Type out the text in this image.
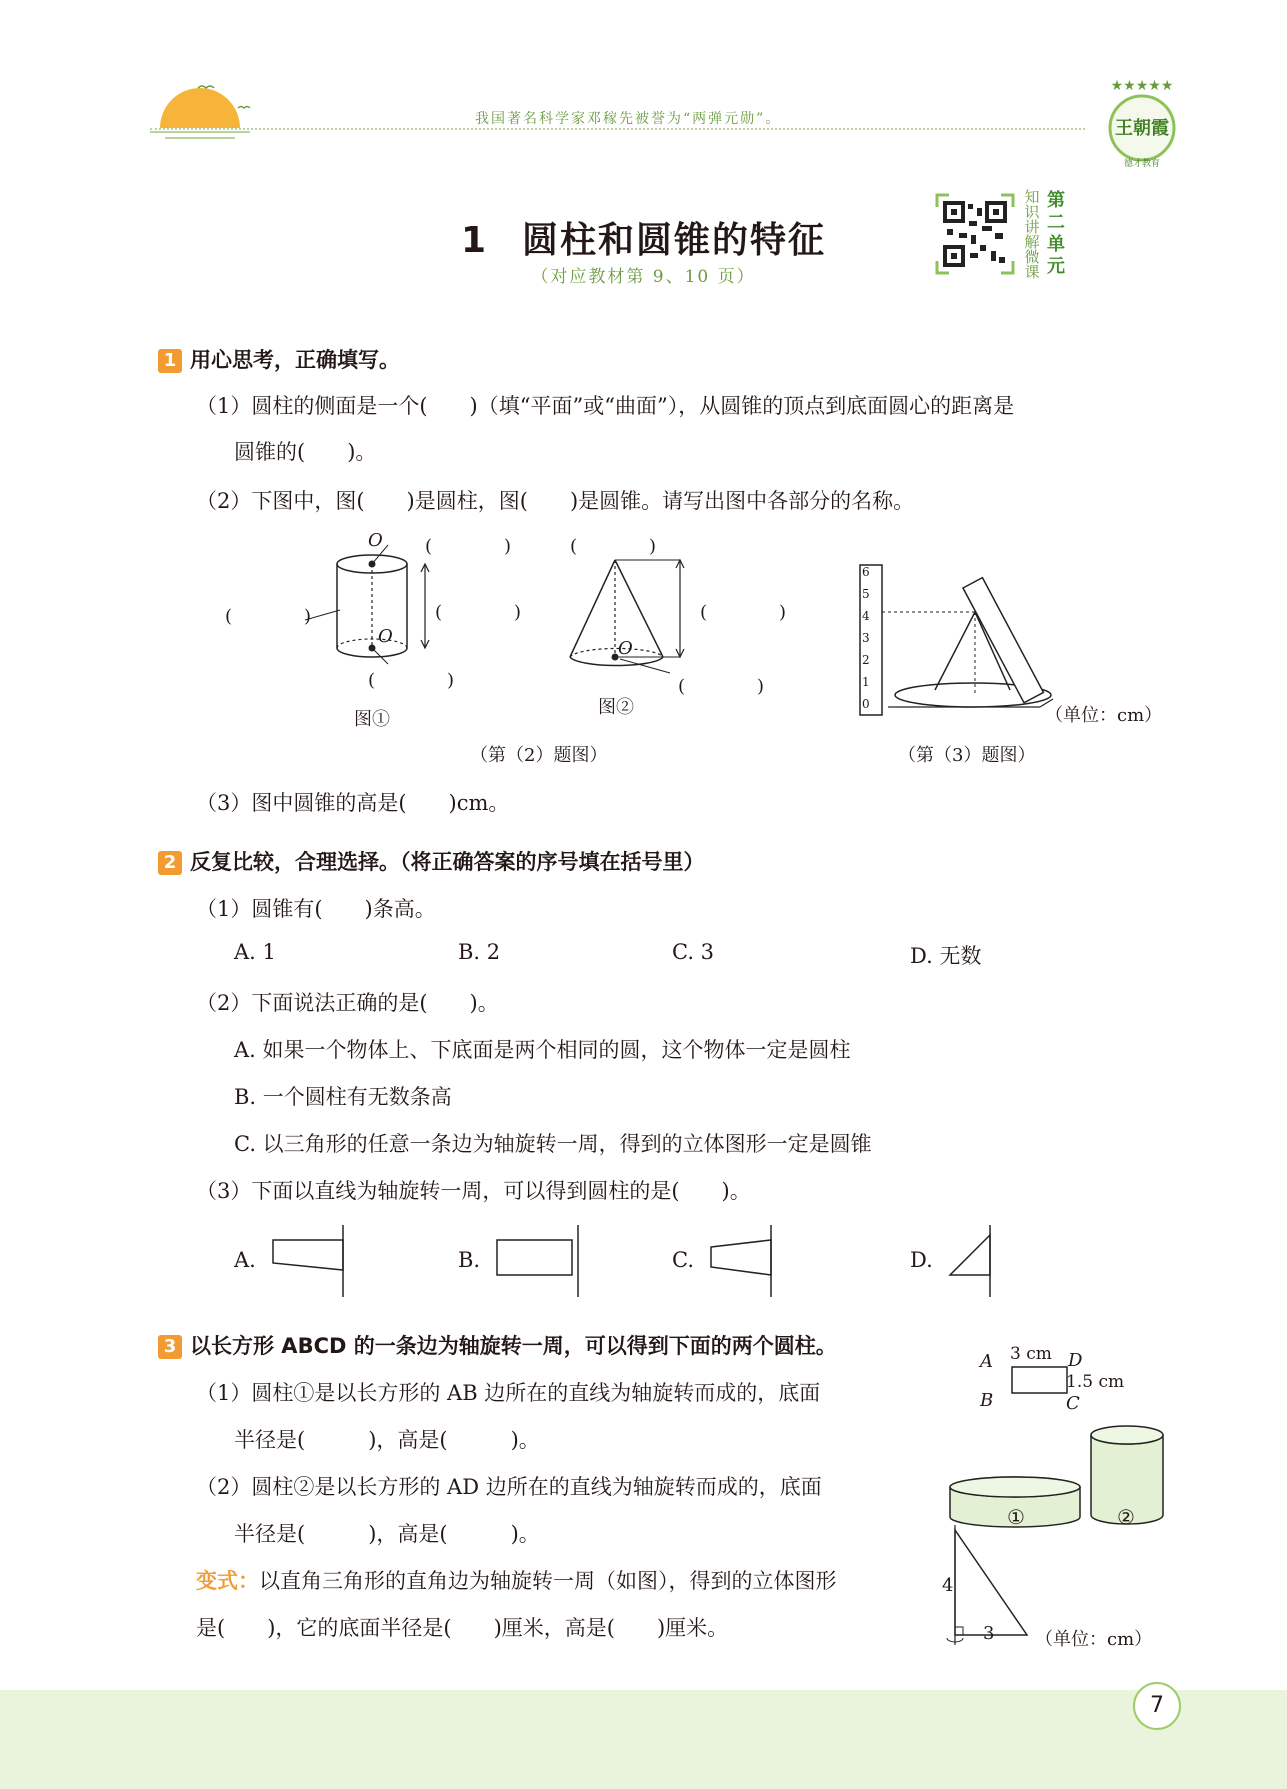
我国著名科学家邓稼先被誉为“两弹元勋”。
★★★★★
王朝霞
德才教育
1 圆柱和圆锥的特征
（对应教材第 9、10 页）
知
识
讲
解
微
课
第
二
单
元
1 用心思考，正确填写。
（1）圆柱的侧面是一个(　　)（填“平面”或“曲面”），从圆锥的顶点到底面圆心的距离是
圆锥的(　　)。
（2）下图中，图(　　)是圆柱，图(　　)是圆锥。请写出图中各部分的名称。
O
O
(　　　　)
(　　　　)
(　　　　)
(　　　　)
图①
O
(　　　　)
(　　　　)
(　　　　)
图②
（第（2）题图）
0
1
2
3
4
5
6
（单位：cm）
（第（3）题图）
（3）图中圆锥的高是(　　)cm。
2 反复比较，合理选择。（将正确答案的序号填在括号里）
（1）圆锥有(　　)条高。
A. 1	B. 2	C. 3	D. 无数
（2）下面说法正确的是(　　)。
A. 如果一个物体上、下底面是两个相同的圆，这个物体一定是圆柱
B. 一个圆柱有无数条高
C. 以三角形的任意一条边为轴旋转一周，得到的立体图形一定是圆锥
（3）下面以直线为轴旋转一周，可以得到圆柱的是(　　)。
A.	B.	C.	D.
3 以长方形 ABCD 的一条边为轴旋转一周，可以得到下面的两个圆柱。
（1）圆柱①是以长方形的 AB 边所在的直线为轴旋转而成的，底面
半径是(　　　)，高是(　　　)。
（2）圆柱②是以长方形的 AD 边所在的直线为轴旋转而成的，底面
半径是(　　　)，高是(　　　)。
变式：以直角三角形的直角边为轴旋转一周（如图），得到的立体图形
是(　　)，它的底面半径是(　　)厘米，高是(　　)厘米。
A
B	C
D
3 cm
1.5 cm
①	②
4
3 （单位：cm）
7
